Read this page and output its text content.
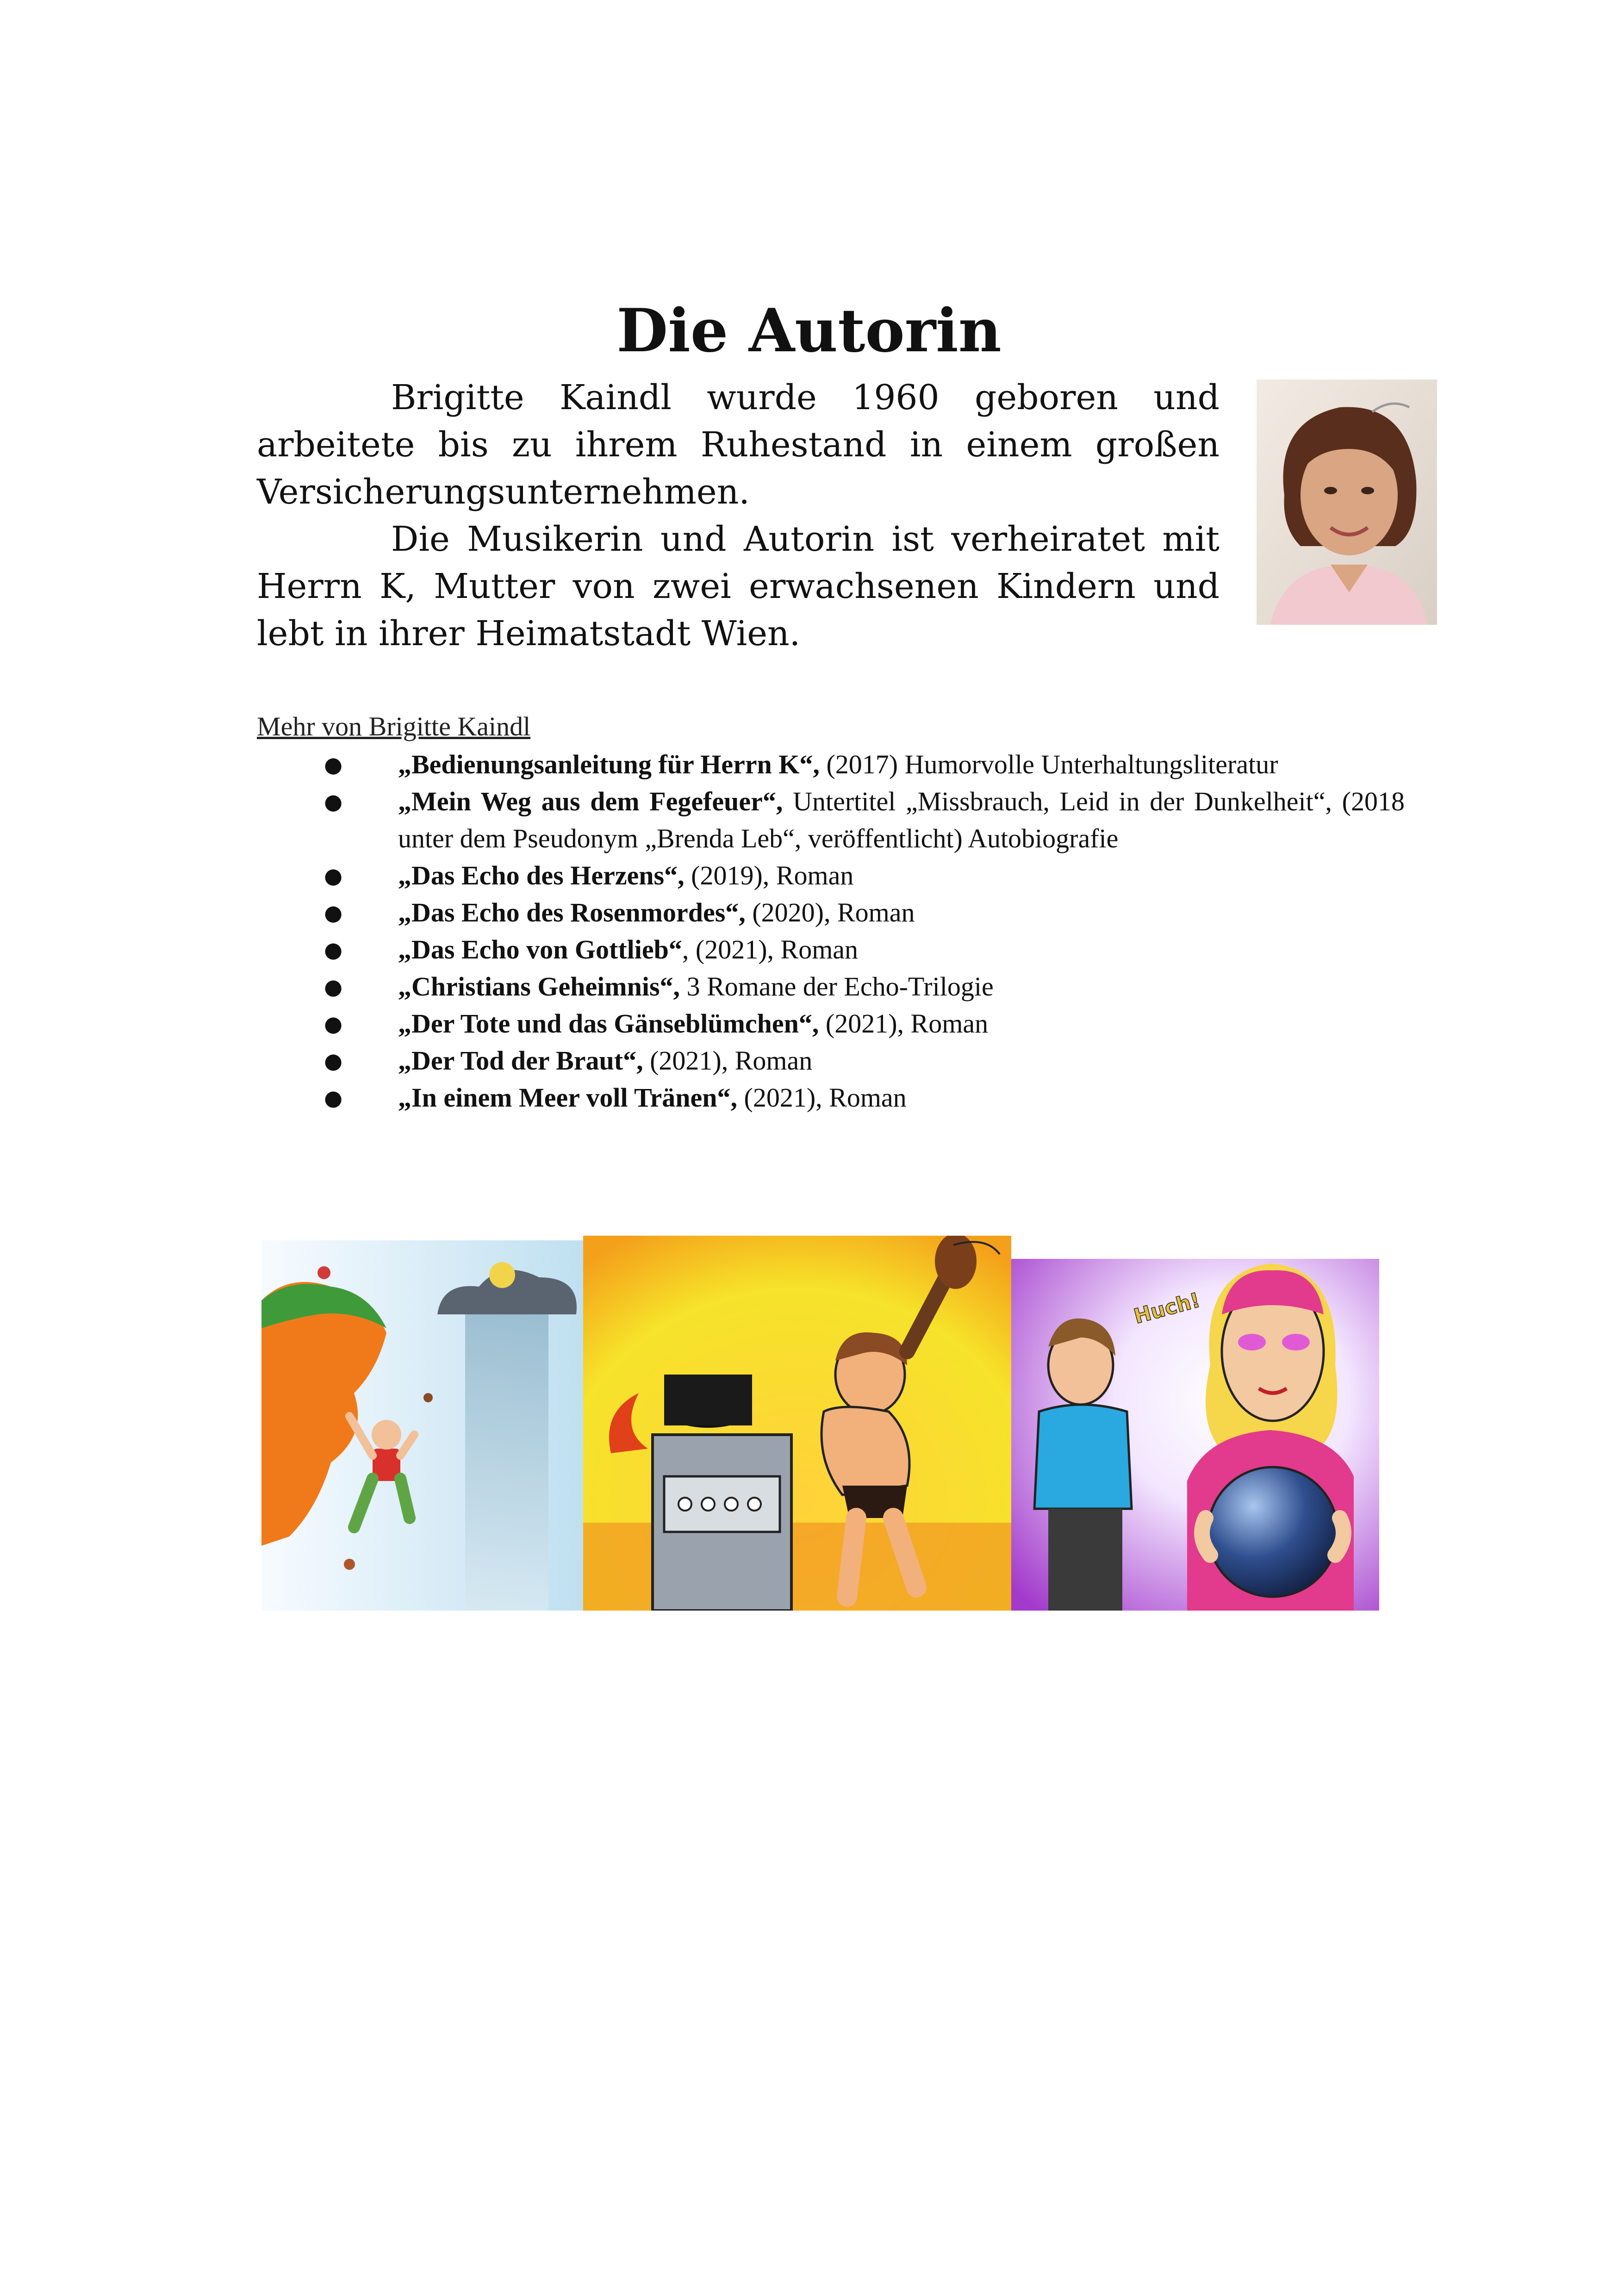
Die Autorin

Brigitte Kaindl wurde 1960 geboren und arbeitete bis zu ihrem Ruhestand in einem großen Versicherungsunternehmen.

Die Musikerin und Autorin ist verheiratet mit Herrn K, Mutter von zwei erwachsenen Kindern und lebt in ihrer Heimatstadt Wien.

Mehr von Brigitte Kaindl
● „Bedienungsanleitung für Herrn K“, (2017) Humorvolle Unterhaltungsliteratur
● „Mein Weg aus dem Fegefeuer“, Untertitel „Missbrauch, Leid in der Dunkelheit“, (2018 unter dem Pseudonym „Brenda Leb“, veröffentlicht) Autobiografie
● „Das Echo des Herzens“, (2019), Roman
● „Das Echo des Rosenmordes“, (2020), Roman
● „Das Echo von Gottlieb“, (2021), Roman
● „Christians Geheimnis“, 3 Romane der Echo-Trilogie
● „Der Tote und das Gänseblümchen“, (2021), Roman
● „Der Tod der Braut“, (2021), Roman
● „In einem Meer voll Tränen“, (2021), Roman
Huch!
